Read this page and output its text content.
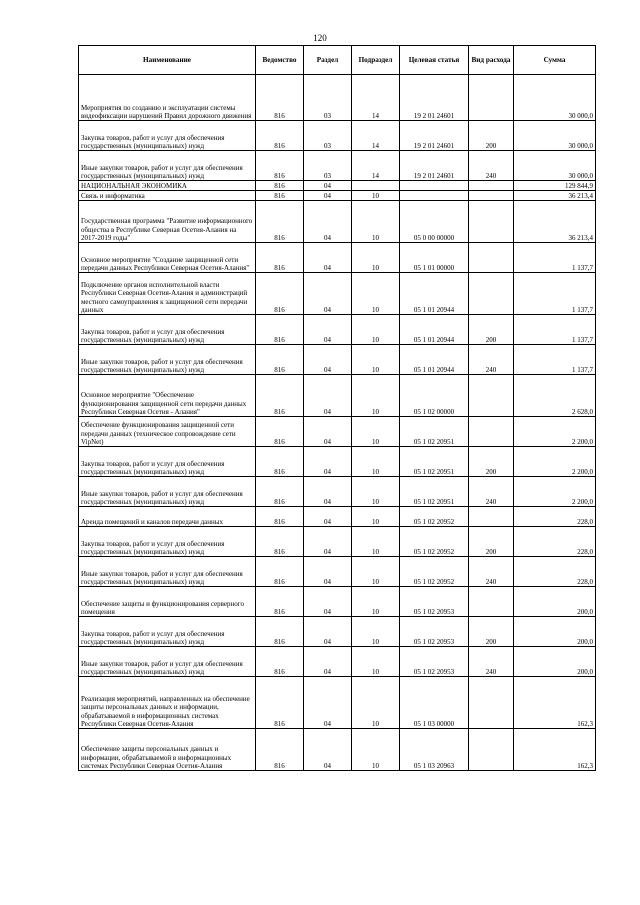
120
Наименование	Ведомство	Раздел	Подраздел	Целевая статья	Вид расхода	Сумма
Мероприятия по созданию и эксплуатации системы видеофиксации нарушений Правил дорожного движения	816	03	14	19 2 01 24601		30 000,0
Закупка товаров, работ и услуг для обеспечения государственных (муниципальных) нужд	816	03	14	19 2 01 24601	200	30 000,0
Иные закупки товаров, работ и услуг для обеспечения государственных (муниципальных) нужд	816	03	14	19 2 01 24601	240	30 000,0
НАЦИОНАЛЬНАЯ ЭКОНОМИКА	816	04				129 844,9
Связь и информатика	816	04	10			36 213,4
Государственная программа "Развитие информационного общества в Республике Северная Осетия-Алания на 2017-2019 годы"	816	04	10	05 0 00 00000		36 213,4
Основное мероприятие "Создание защищенной сети передачи данных Республики Северная Осетия-Алания"	816	04	10	05 1 01 00000		1 137,7
Подключение органов исполнительной власти Республики Северная Осетия-Алания и администраций местного самоуправления к защищенной сети передачи данных	816	04	10	05 1 01 20944		1 137,7
Закупка товаров, работ и услуг для обеспечения государственных (муниципальных) нужд	816	04	10	05 1 01 20944	200	1 137,7
Иные закупки товаров, работ и услуг для обеспечения государственных (муниципальных) нужд	816	04	10	05 1 01 20944	240	1 137,7
Основное мероприятие "Обеспечение функционирования защищенной сети передачи данных Республики Северная Осетия - Алания"	816	04	10	05 1 02 00000		2 628,0
Обеспечение функционирования защищенной сети передачи данных (техническое сопровождение сети VipNet)	816	04	10	05 1 02 20951		2 200,0
Закупка товаров, работ и услуг для обеспечения государственных (муниципальных) нужд	816	04	10	05 1 02 20951	200	2 200,0
Иные закупки товаров, работ и услуг для обеспечения государственных (муниципальных) нужд	816	04	10	05 1 02 20951	240	2 200,0
Аренда помещений и каналов передачи данных	816	04	10	05 1 02 20952		228,0
Закупка товаров, работ и услуг для обеспечения государственных (муниципальных) нужд	816	04	10	05 1 02 20952	200	228,0
Иные закупки товаров, работ и услуг для обеспечения государственных (муниципальных) нужд	816	04	10	05 1 02 20952	240	228,0
Обеспечение защиты и функционирования серверного помещения	816	04	10	05 1 02 20953		200,0
Закупка товаров, работ и услуг для обеспечения государственных (муниципальных) нужд	816	04	10	05 1 02 20953	200	200,0
Иные закупки товаров, работ и услуг для обеспечения государственных (муниципальных) нужд	816	04	10	05 1 02 20953	240	200,0
Реализация мероприятий, направленных на обеспечение защиты персональных данных и информации, обрабатываемой в информационных системах Республики Северная Осетия-Алания	816	04	10	05 1 03 00000		162,3
Обеспечение защиты персональных данных и информации, обрабатываемой в информационных системах Республики Северная Осетия-Алания	816	04	10	05 1 03 20963		162,3
